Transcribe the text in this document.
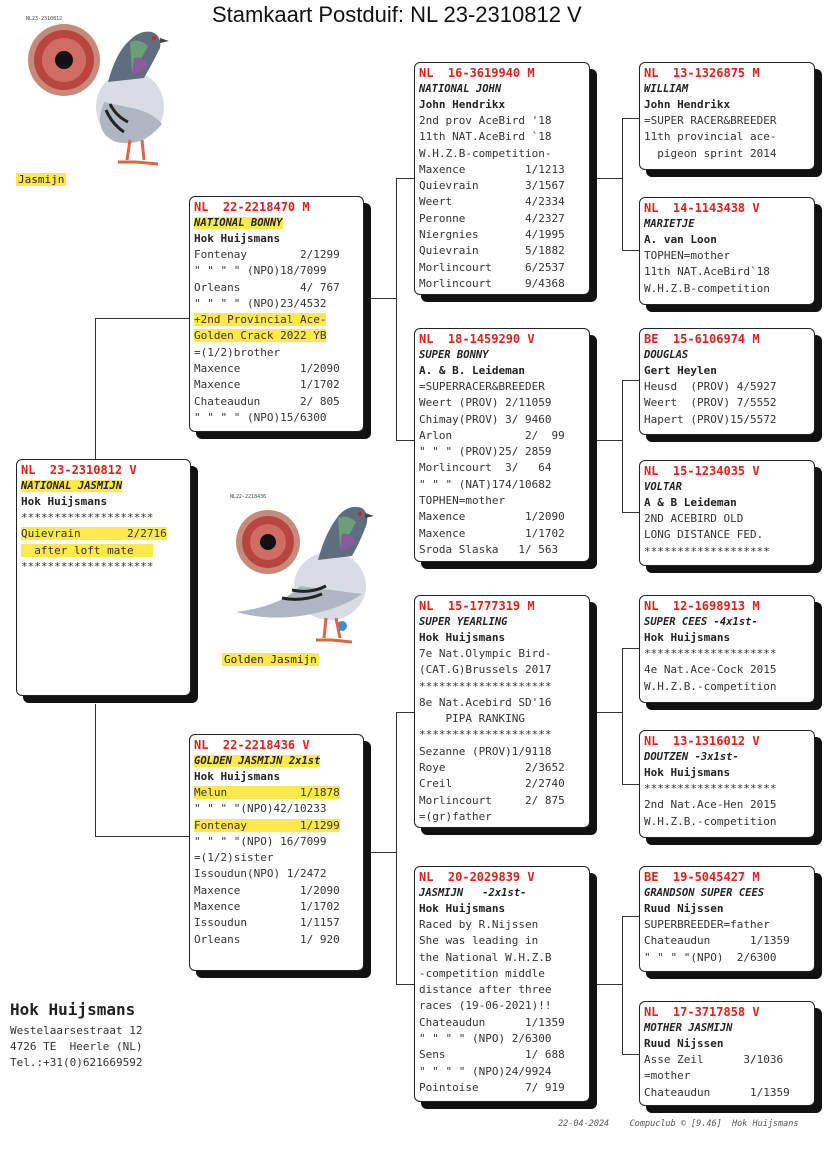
Stamkaart Postduif: NL 23-2310812 V
NL23-2310812
Jasmijn
NL22-2218436
Golden Jasmijn
NL  23-2310812 V
NATIONAL JASMIJN
Hok Huijsmans
********************
Quievrain       2/2716
after loft mate
********************
NL  22-2218470 M
NATIONAL BONNY
Hok Huijsmans
Fontenay        2/1299
" " " " (NPO)18/7099
Orleans         4/ 767
" " " " (NPO)23/4532
+2nd Provincial Ace-
Golden Crack 2022 YB
=(1/2)brother
Maxence         1/2090
Maxence         1/1702
Chateaudun      2/ 805
" " " " (NPO)15/6300
NL  22-2218436 V
GOLDEN JASMIJN 2x1st
Hok Huijsmans
Melun           1/1878
" " " "(NPO)42/10233
Fontenay        1/1299
" " " "(NPO) 16/7099
=(1/2)sister
Issoudun(NPO) 1/2472
Maxence         1/2090
Maxence         1/1702
Issoudun        1/1157
Orleans         1/ 920
NL  16-3619940 M
NATIONAL JOHN
John Hendrikx
2nd prov AceBird '18
11th NAT.AceBird `18
W.H.Z.B-competition-
Maxence         1/1213
Quievrain       3/1567
Weert           4/2334
Peronne         4/2327
Niergnies       4/1995
Quievrain       5/1882
Morlincourt     6/2537
Morlincourt     9/4368
NL  18-1459290 V
SUPER BONNY
A. & B. Leideman
=SUPERRACER&BREEDER
Weert (PROV) 2/11059
Chimay(PROV) 3/ 9460
Arlon           2/  99
" " " (PROV)25/ 2859
Morlincourt  3/   64
" " " (NAT)174/10682
TOPHEN=mother
Maxence         1/2090
Maxence         1/1702
Sroda Slaska   1/ 563
NL  15-1777319 M
SUPER YEARLING
Hok Huijsmans
7e Nat.Olympic Bird-
(CAT.G)Brussels 2017
********************
8e Nat.Acebird SD'16
PIPA RANKING
********************
Sezanne (PROV)1/9118
Roye            2/3652
Creil           2/2740
Morlincourt     2/ 875
=(gr)father
NL  20-2029839 V
JASMIJN   -2x1st-
Hok Huijsmans
Raced by R.Nijssen
She was leading in
the National W.H.Z.B
-competition middle
distance after three
races (19-06-2021)!!
Chateaudun      1/1359
" " " " (NPO) 2/6300
Sens            1/ 688
" " " " (NPO)24/9924
Pointoise       7/ 919
NL  13-1326875 M
WILLIAM
John Hendrikx
=SUPER RACER&BREEDER
11th provincial ace-
pigeon sprint 2014
NL  14-1143438 V
MARIETJE
A. van Loon
TOPHEN=mother
11th NAT.AceBird`18
W.H.Z.B-competition
BE  15-6106974 M
DOUGLAS
Gert Heylen
Heusd  (PROV) 4/5927
Weert  (PROV) 7/5552
Hapert (PROV)15/5572
NL  15-1234035 V
VOLTAR
A & B Leideman
2ND ACEBIRD OLD
LONG DISTANCE FED.
*******************
NL  12-1698913 M
SUPER CEES -4x1st-
Hok Huijsmans
********************
4e Nat.Ace-Cock 2015
W.H.Z.B.-competition
NL  13-1316012 V
DOUTZEN -3x1st-
Hok Huijsmans
********************
2nd Nat.Ace-Hen 2015
W.H.Z.B.-competition
BE  19-5045427 M
GRANDSON SUPER CEES
Ruud Nijssen
SUPERBREEDER=father
Chateaudun      1/1359
" " " "(NPO)  2/6300
NL  17-3717858 V
MOTHER JASMIJN
Ruud Nijssen
Asse Zeil      3/1036
=mother
Chateaudun      1/1359
Hok Huijsmans
Westelaarsestraat 12
4726 TE  Heerle (NL)
Tel.:+31(0)621669592
22-04-2024    Compuclub © [9.46]  Hok Huijsmans
